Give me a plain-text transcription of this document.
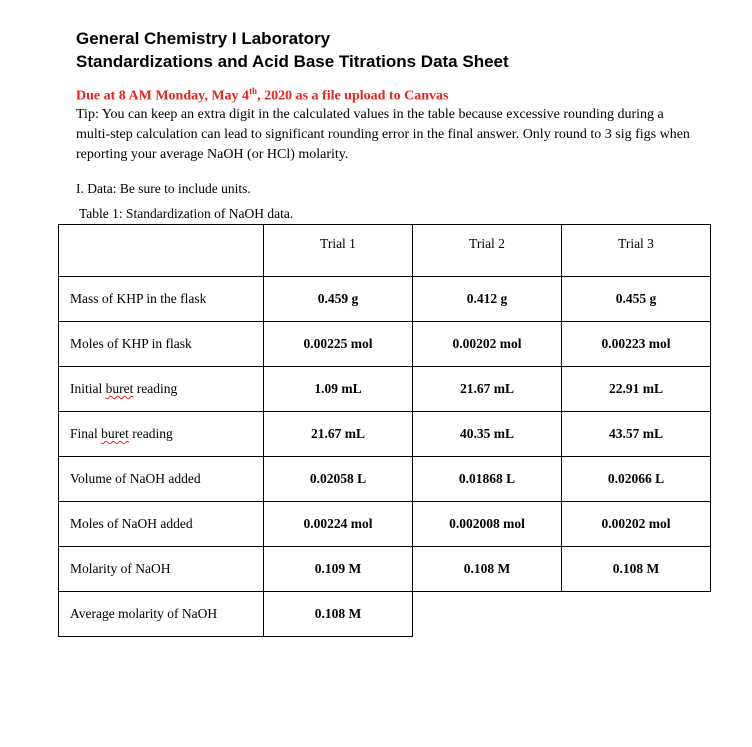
General Chemistry I Laboratory
Standardizations and Acid Base Titrations Data Sheet
Due at 8 AM Monday, May 4th, 2020 as a file upload to Canvas
Tip: You can keep an extra digit in the calculated values in the table because excessive rounding during a multi-step calculation can lead to significant rounding error in the final answer. Only round to 3 sig figs when reporting your average NaOH (or HCl) molarity.
I. Data: Be sure to include units.
Table 1: Standardization of NaOH data.
	Trial 1	Trial 2	Trial 3
Mass of KHP in the flask	0.459 g	0.412 g	0.455 g
Moles of KHP in flask	0.00225 mol	0.00202 mol	0.00223 mol
Initial buret reading	1.09 mL	21.67 mL	22.91 mL
Final buret reading	21.67 mL	40.35 mL	43.57 mL
Volume of NaOH added	0.02058 L	0.01868 L	0.02066 L
Moles of NaOH added	0.00224 mol	0.002008 mol	0.00202 mol
Molarity of NaOH	0.109 M	0.108 M	0.108 M
Average molarity of NaOH	0.108 M		
